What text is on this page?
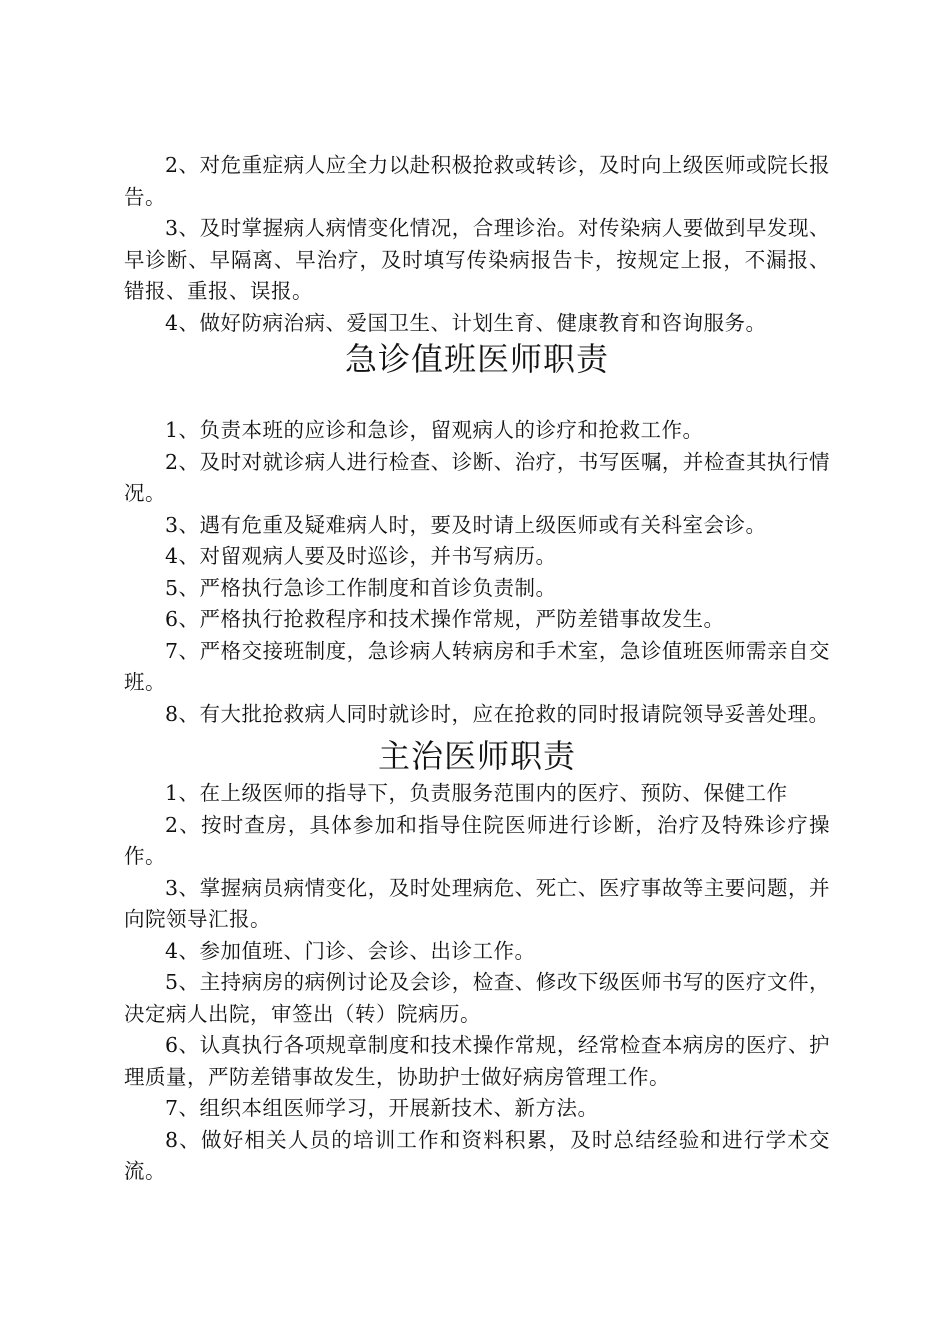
2、对危重症病人应全力以赴积极抢救或转诊，及时向上级医师或院长报告。

3、及时掌握病人病情变化情况，合理诊治。对传染病人要做到早发现、早诊断、早隔离、早治疗，及时填写传染病报告卡，按规定上报，不漏报、错报、重报、误报。

4、做好防病治病、爱国卫生、计划生育、健康教育和咨询服务。

急诊值班医师职责

1、负责本班的应诊和急诊，留观病人的诊疗和抢救工作。

2、及时对就诊病人进行检查、诊断、治疗，书写医嘱，并检查其执行情况。

3、遇有危重及疑难病人时，要及时请上级医师或有关科室会诊。

4、对留观病人要及时巡诊，并书写病历。

5、严格执行急诊工作制度和首诊负责制。

6、严格执行抢救程序和技术操作常规，严防差错事故发生。

7、严格交接班制度，急诊病人转病房和手术室，急诊值班医师需亲自交班。

8、有大批抢救病人同时就诊时，应在抢救的同时报请院领导妥善处理。

主治医师职责

1、在上级医师的指导下，负责服务范围内的医疗、预防、保健工作

2、按时查房，具体参加和指导住院医师进行诊断，治疗及特殊诊疗操作。

3、掌握病员病情变化，及时处理病危、死亡、医疗事故等主要问题，并向院领导汇报。

4、参加值班、门诊、会诊、出诊工作。

5、主持病房的病例讨论及会诊，检查、修改下级医师书写的医疗文件，决定病人出院，审签出（转）院病历。

6、认真执行各项规章制度和技术操作常规，经常检查本病房的医疗、护理质量，严防差错事故发生，协助护士做好病房管理工作。

7、组织本组医师学习，开展新技术、新方法。

8、做好相关人员的培训工作和资料积累，及时总结经验和进行学术交流。
